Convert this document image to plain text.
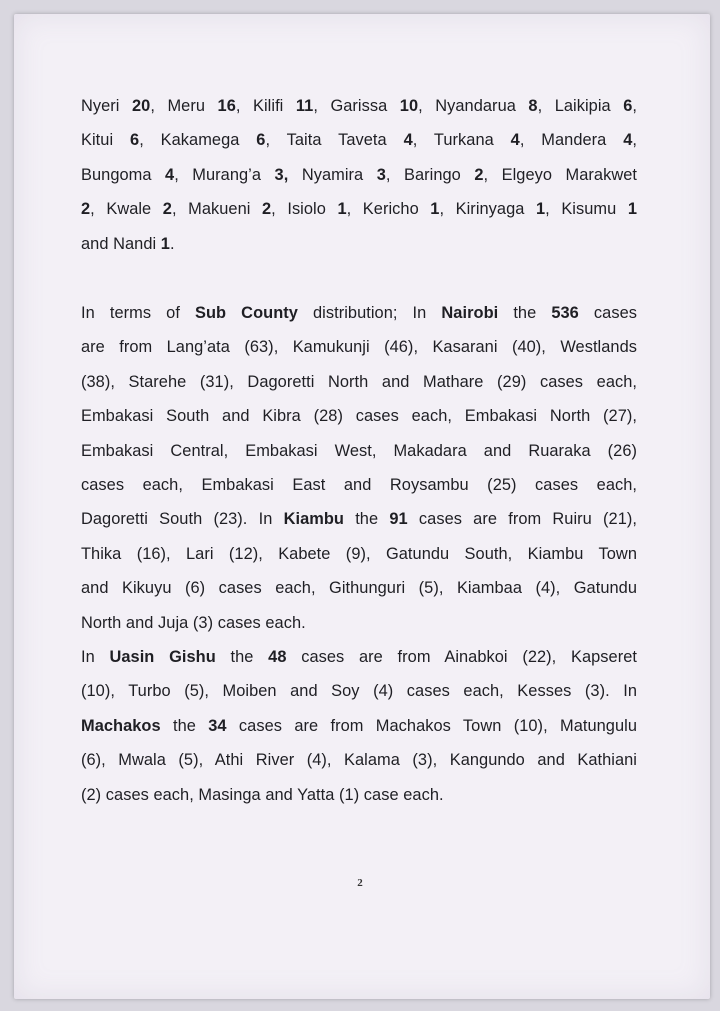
Nyeri 20, Meru 16, Kilifi 11, Garissa 10, Nyandarua 8, Laikipia 6,
Kitui 6, Kakamega 6, Taita Taveta 4, Turkana 4, Mandera 4,
Bungoma 4, Murang’a 3, Nyamira 3, Baringo 2, Elgeyo Marakwet
2, Kwale 2, Makueni 2, Isiolo 1, Kericho 1, Kirinyaga 1, Kisumu 1
and Nandi 1.
In terms of Sub County distribution; In Nairobi the 536 cases
are from Lang’ata (63), Kamukunji (46), Kasarani (40), Westlands
(38), Starehe (31), Dagoretti North and Mathare (29) cases each,
Embakasi South and Kibra (28) cases each, Embakasi North (27),
Embakasi Central, Embakasi West, Makadara and Ruaraka (26)
cases each, Embakasi East and Roysambu (25) cases each,
Dagoretti South (23). In Kiambu the 91 cases are from Ruiru (21),
Thika (16), Lari (12), Kabete (9), Gatundu South, Kiambu Town
and Kikuyu (6) cases each, Githunguri (5), Kiambaa (4), Gatundu
North and Juja (3) cases each.
In Uasin Gishu the 48 cases are from Ainabkoi (22), Kapseret
(10), Turbo (5), Moiben and Soy (4) cases each, Kesses (3). In
Machakos the 34 cases are from Machakos Town (10), Matungulu
(6), Mwala (5), Athi River (4), Kalama (3), Kangundo and Kathiani
(2) cases each, Masinga and Yatta (1) case each.
2
